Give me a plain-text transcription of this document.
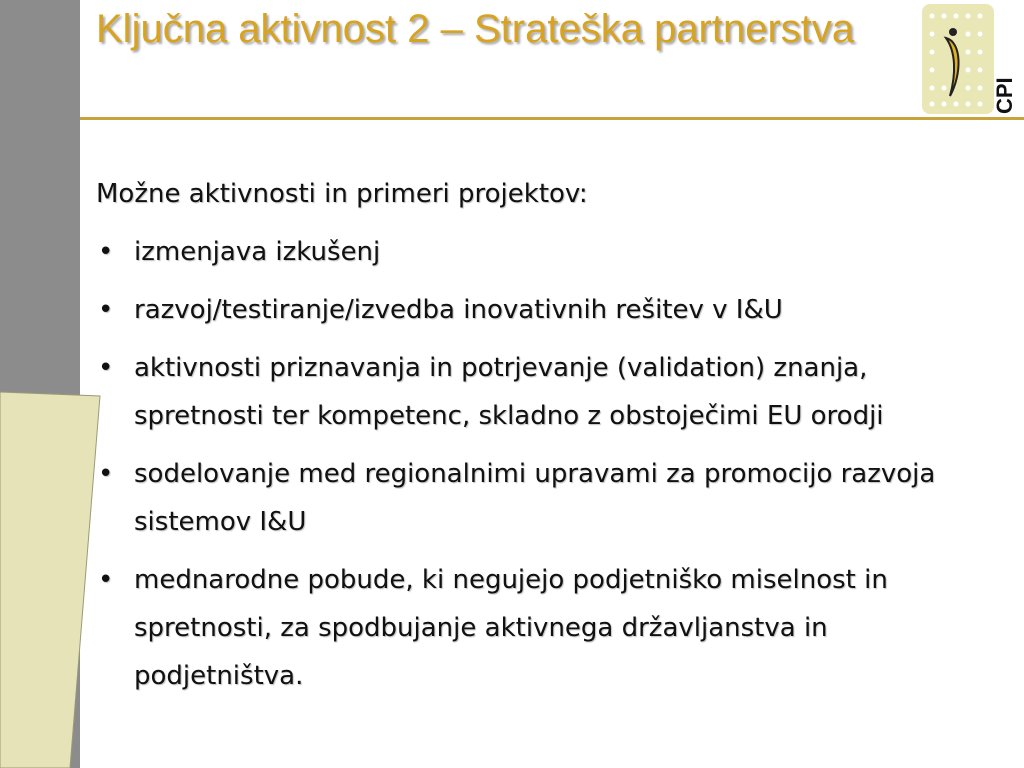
Ključna aktivnost 2 – Strateška partnerstva
CPI

Možne aktivnosti in primeri projektov:

• izmenjava izkušenj
• razvoj/testiranje/izvedba inovativnih rešitev v I&U
• aktivnosti priznavanja in potrjevanje (validation) znanja, spretnosti ter kompetenc, skladno z obstoječimi EU orodji
• sodelovanje med regionalnimi upravami za promocijo razvoja sistemov I&U
• mednarodne pobude, ki negujejo podjetniško miselnost in spretnosti, za spodbujanje aktivnega državljanstva in podjetništva.
